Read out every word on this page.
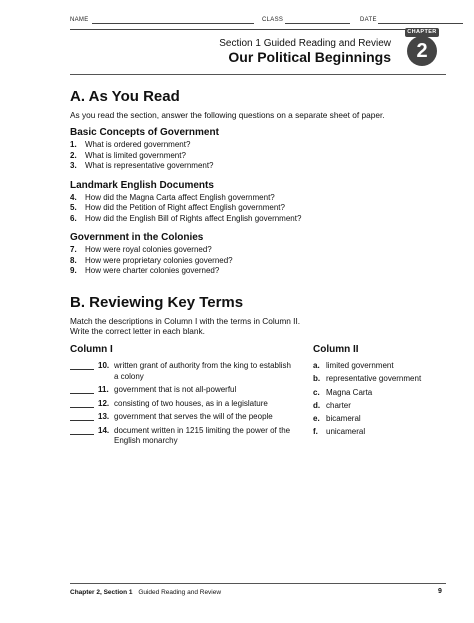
NAME	CLASS	DATE
Section 1 Guided Reading and Review
Our Political Beginnings
CHAPTER
2
A. As You Read
As you read the section, answer the following questions on a separate sheet of paper.
Basic Concepts of Government
1.	What is ordered government?
2.	What is limited government?
3.	What is representative government?
Landmark English Documents
4.	How did the Magna Carta affect English government?
5.	How did the Petition of Right affect English government?
6.	How did the English Bill of Rights affect English government?
Government in the Colonies
7.	How were royal colonies governed?
8.	How were proprietary colonies governed?
9.	How were charter colonies governed?
B. Reviewing Key Terms
Match the descriptions in Column I with the terms in Column II.
Write the correct letter in each blank.
Column I
10. written grant of authority from the king to establish a colony
11. government that is not all-powerful
12. consisting of two houses, as in a legislature
13. government that serves the will of the people
14. document written in 1215 limiting the power of the English monarchy
Column II
a. limited government
b. representative government
c. Magna Carta
d. charter
e. bicameral
f.	unicameral
Chapter 2, Section 1 Guided Reading and Review	9
